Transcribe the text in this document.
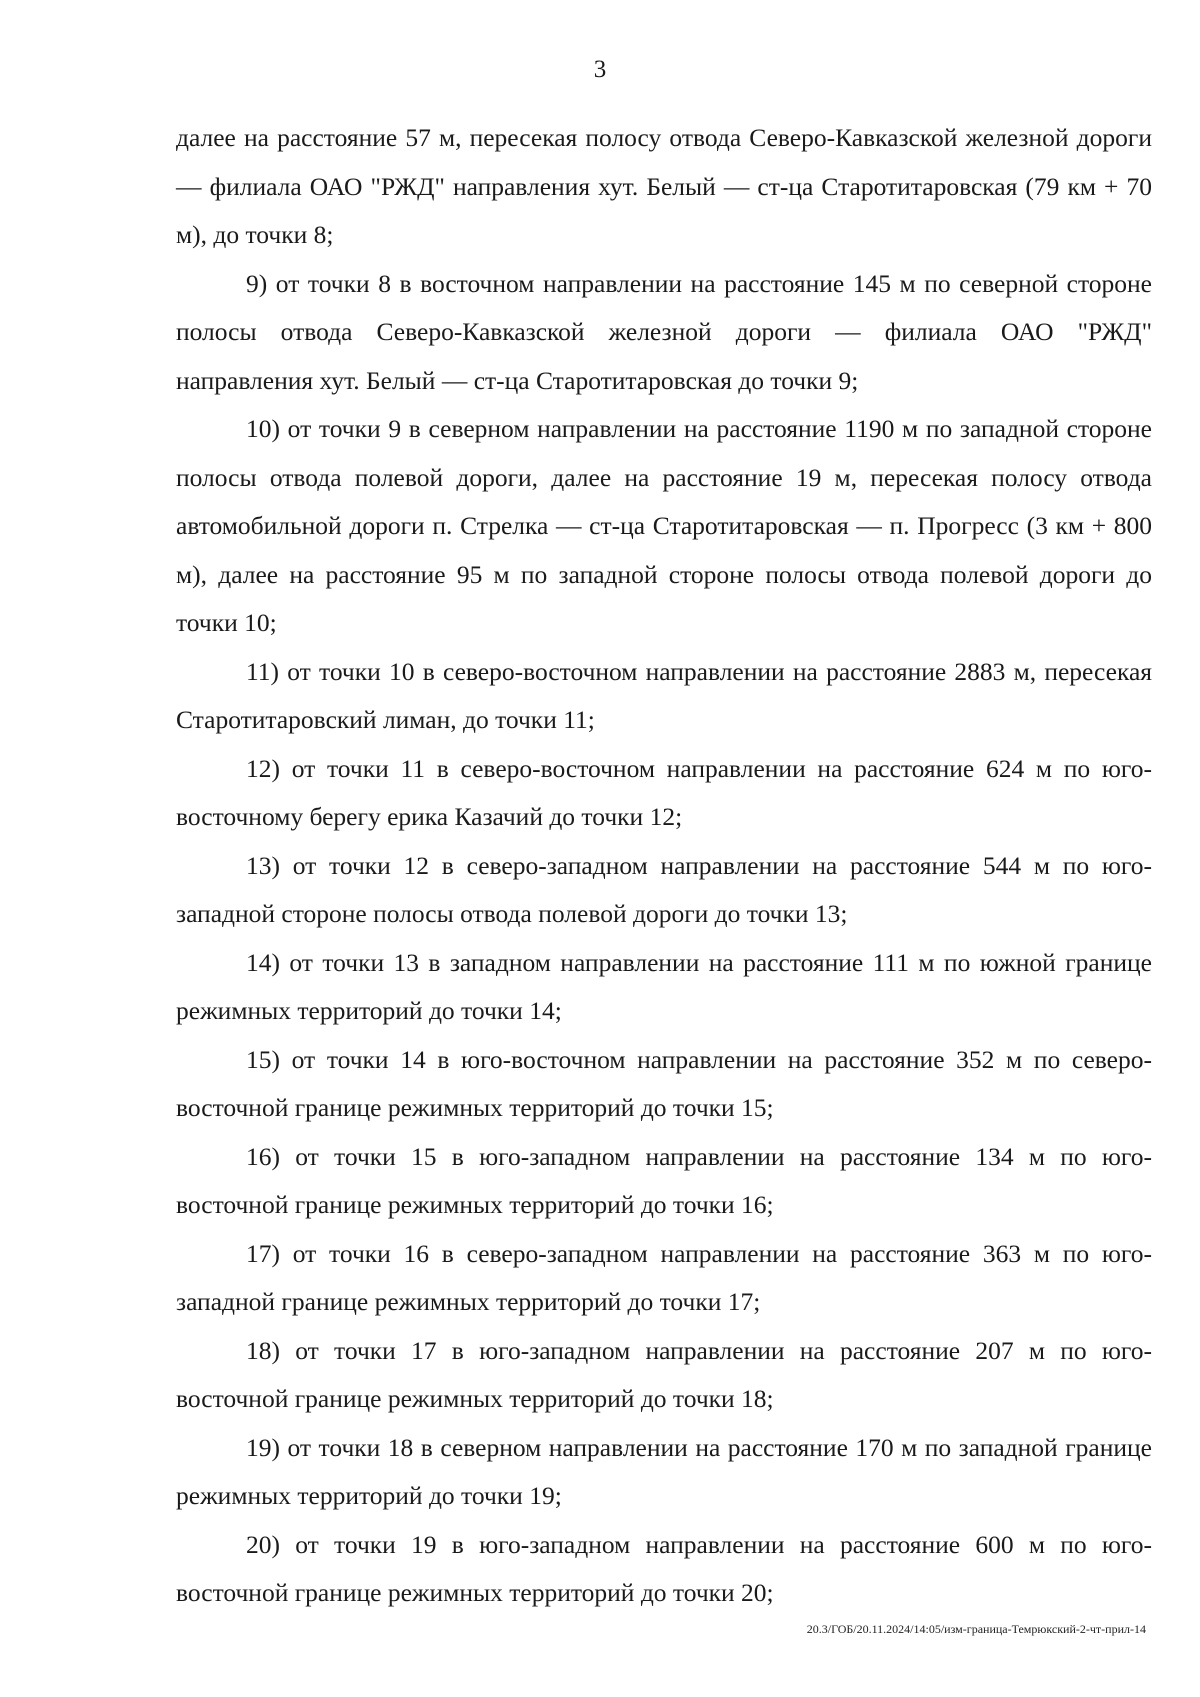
3

далее на расстояние 57 м, пересекая полосу отвода Северо-Кавказской железной дороги — филиала ОАО "РЖД" направления хут. Белый — ст-ца Старотитаровская (79 км + 70 м), до точки 8;

9) от точки 8 в восточном направлении на расстояние 145 м по северной стороне полосы отвода Северо-Кавказской железной дороги — филиала ОАО "РЖД" направления хут. Белый — ст-ца Старотитаровская до точки 9;

10) от точки 9 в северном направлении на расстояние 1190 м по западной стороне полосы отвода полевой дороги, далее на расстояние 19 м, пересекая полосу отвода автомобильной дороги п. Стрелка — ст-ца Старотитаровская — п. Прогресс (3 км + 800 м), далее на расстояние 95 м по западной стороне полосы отвода полевой дороги до точки 10;

11) от точки 10 в северо-восточном направлении на расстояние 2883 м, пересекая Старотитаровский лиман, до точки 11;

12) от точки 11 в северо-восточном направлении на расстояние 624 м по юго-восточному берегу ерика Казачий до точки 12;

13) от точки 12 в северо-западном направлении на расстояние 544 м по юго-западной стороне полосы отвода полевой дороги до точки 13;

14) от точки 13 в западном направлении на расстояние 111 м по южной границе режимных территорий до точки 14;

15) от точки 14 в юго-восточном направлении на расстояние 352 м по северо-восточной границе режимных территорий до точки 15;

16) от точки 15 в юго-западном направлении на расстояние 134 м по юго-восточной границе режимных территорий до точки 16;

17) от точки 16 в северо-западном направлении на расстояние 363 м по юго-западной границе режимных территорий до точки 17;

18) от точки 17 в юго-западном направлении на расстояние 207 м по юго-восточной границе режимных территорий до точки 18;

19) от точки 18 в северном направлении на расстояние 170 м по западной границе режимных территорий до точки 19;

20) от точки 19 в юго-западном направлении на расстояние 600 м по юго-восточной границе режимных территорий до точки 20;

20.3/ГОБ/20.11.2024/14:05/изм-граница-Темрюкский-2-чт-прил-14
